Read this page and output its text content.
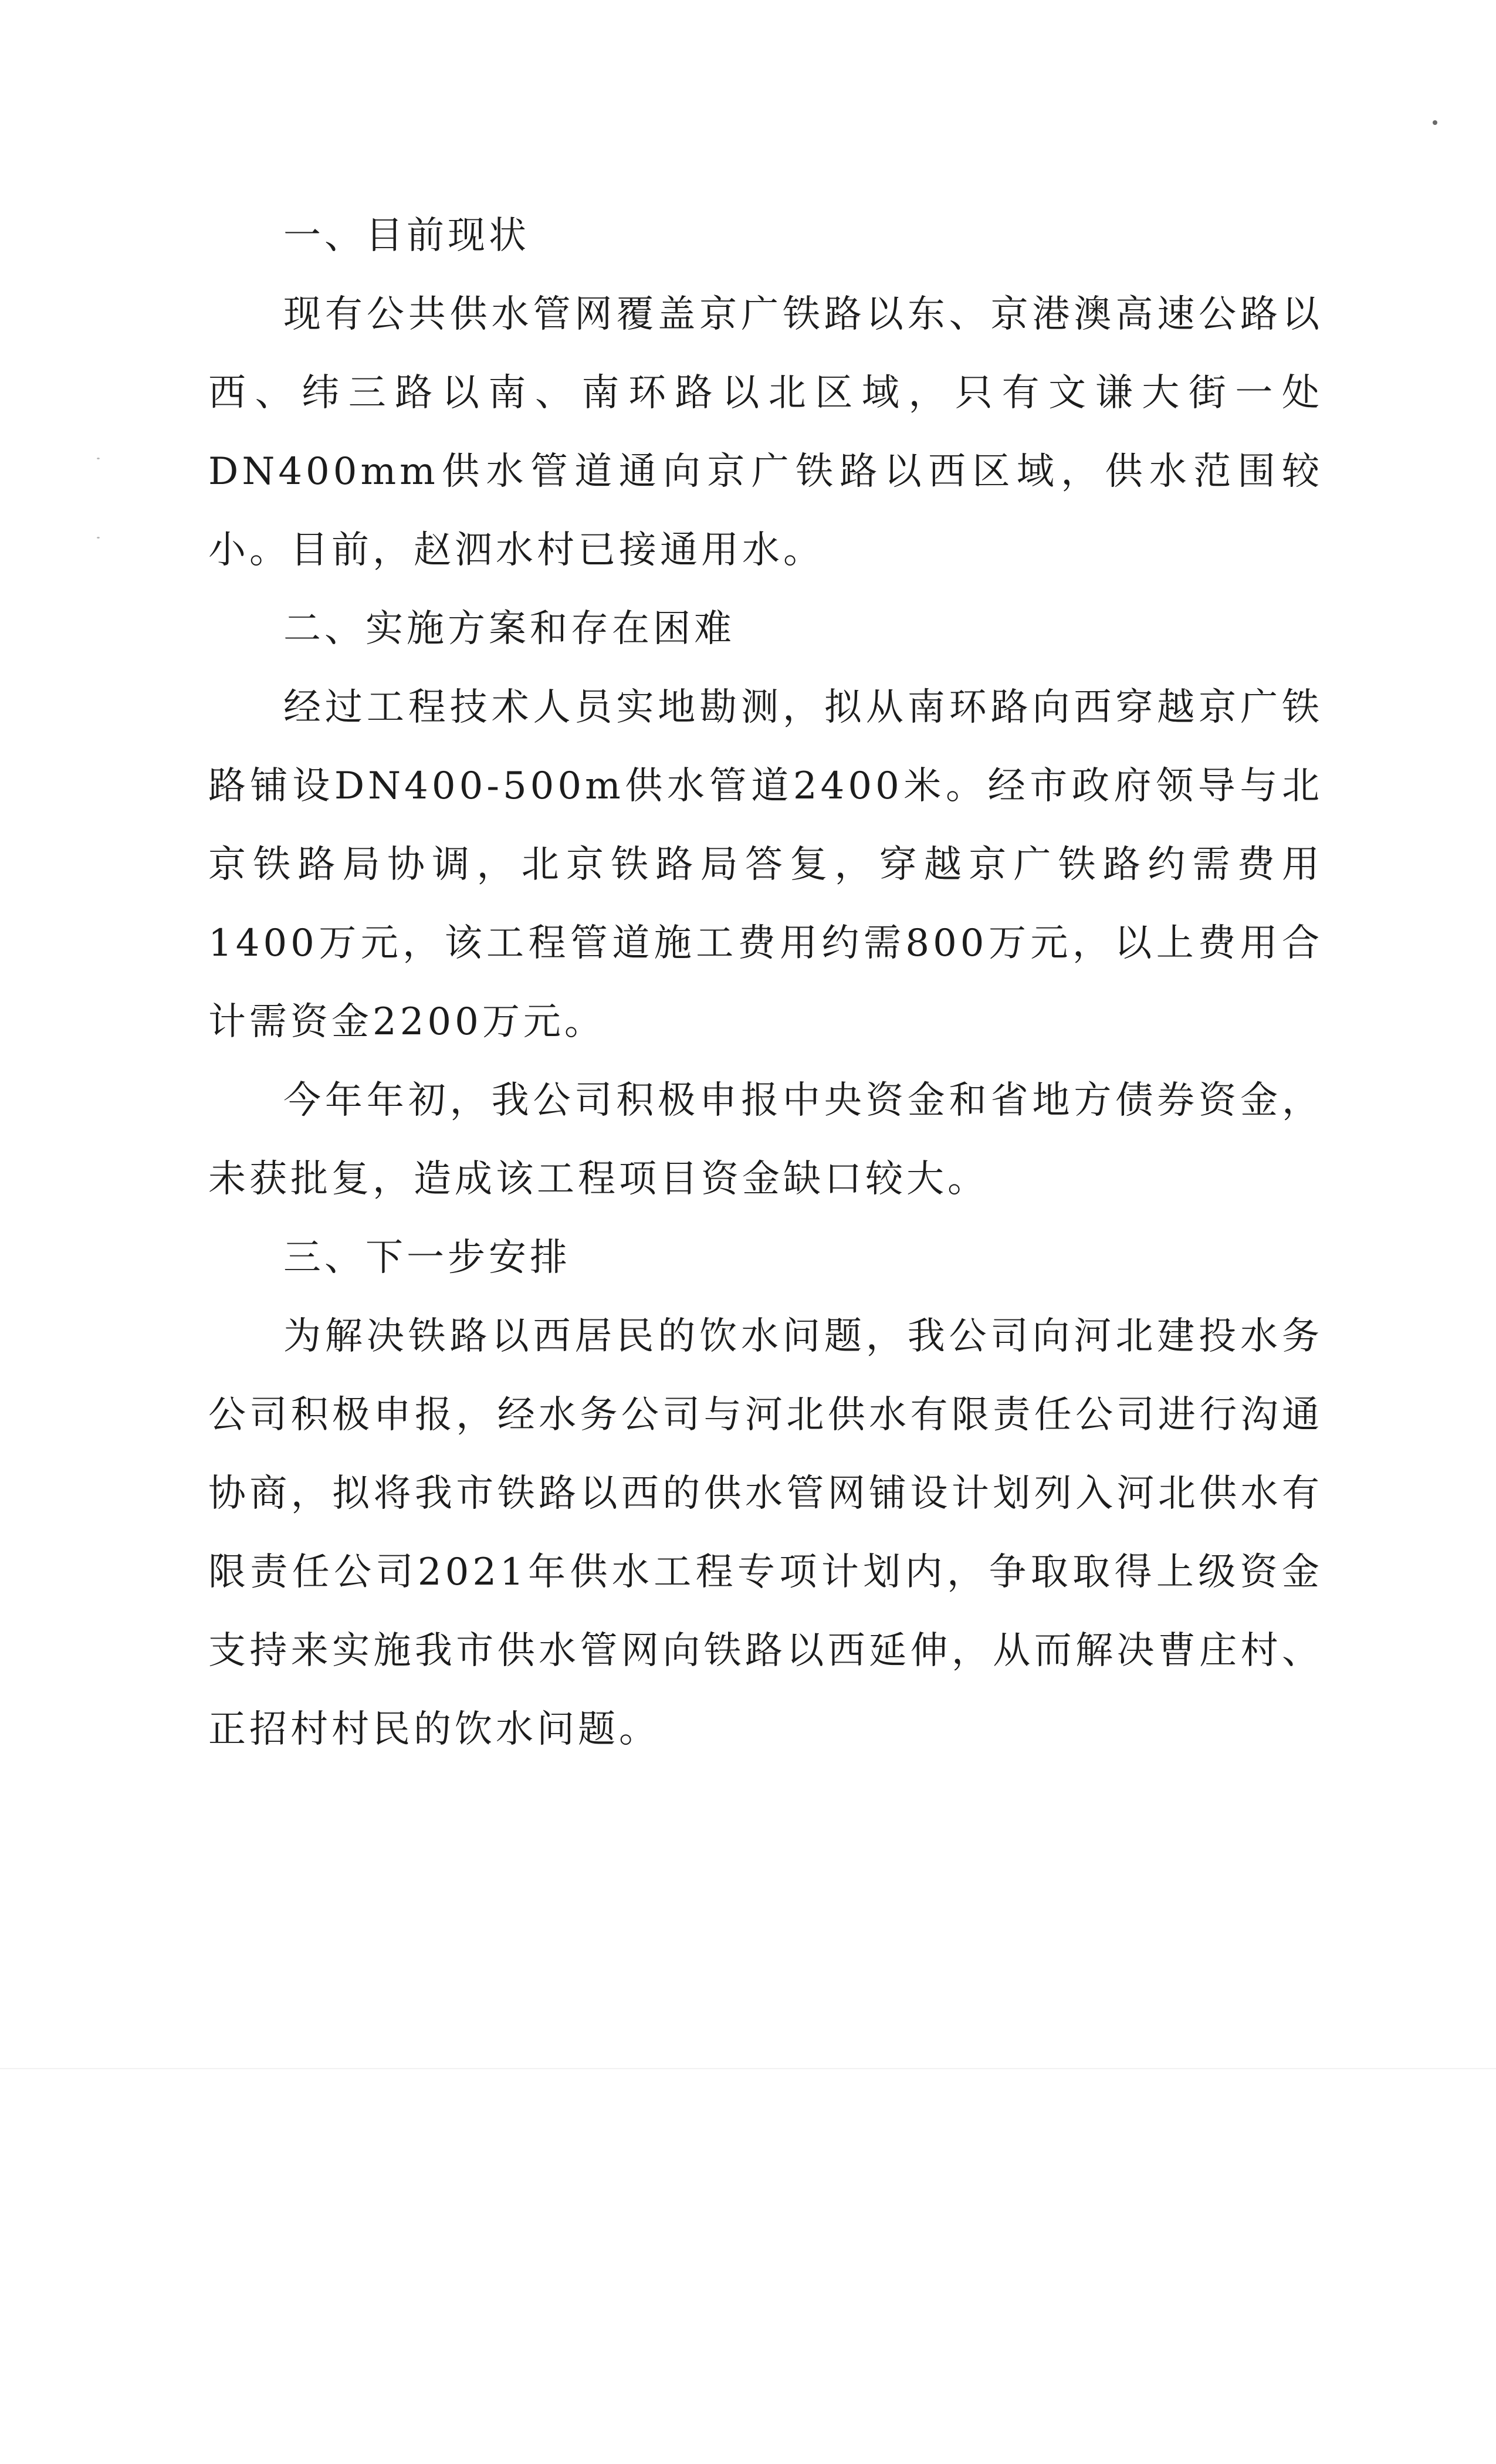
一、目前现状

现有公共供水管网覆盖京广铁路以东、京港澳高速公路以西、纬三路以南、南环路以北区域，只有文谦大街一处DN400mm供水管道通向京广铁路以西区域，供水范围较小。目前，赵泗水村已接通用水。

二、实施方案和存在困难

经过工程技术人员实地勘测，拟从南环路向西穿越京广铁路铺设DN400-500m供水管道2400米。经市政府领导与北京铁路局协调，北京铁路局答复，穿越京广铁路约需费用1400万元，该工程管道施工费用约需800万元，以上费用合计需资金2200万元。

今年年初，我公司积极申报中央资金和省地方债券资金，未获批复，造成该工程项目资金缺口较大。

三、下一步安排

为解决铁路以西居民的饮水问题，我公司向河北建投水务公司积极申报，经水务公司与河北供水有限责任公司进行沟通协商，拟将我市铁路以西的供水管网铺设计划列入河北供水有限责任公司2021年供水工程专项计划内，争取取得上级资金支持来实施我市供水管网向铁路以西延伸，从而解决曹庄村、正招村村民的饮水问题。
